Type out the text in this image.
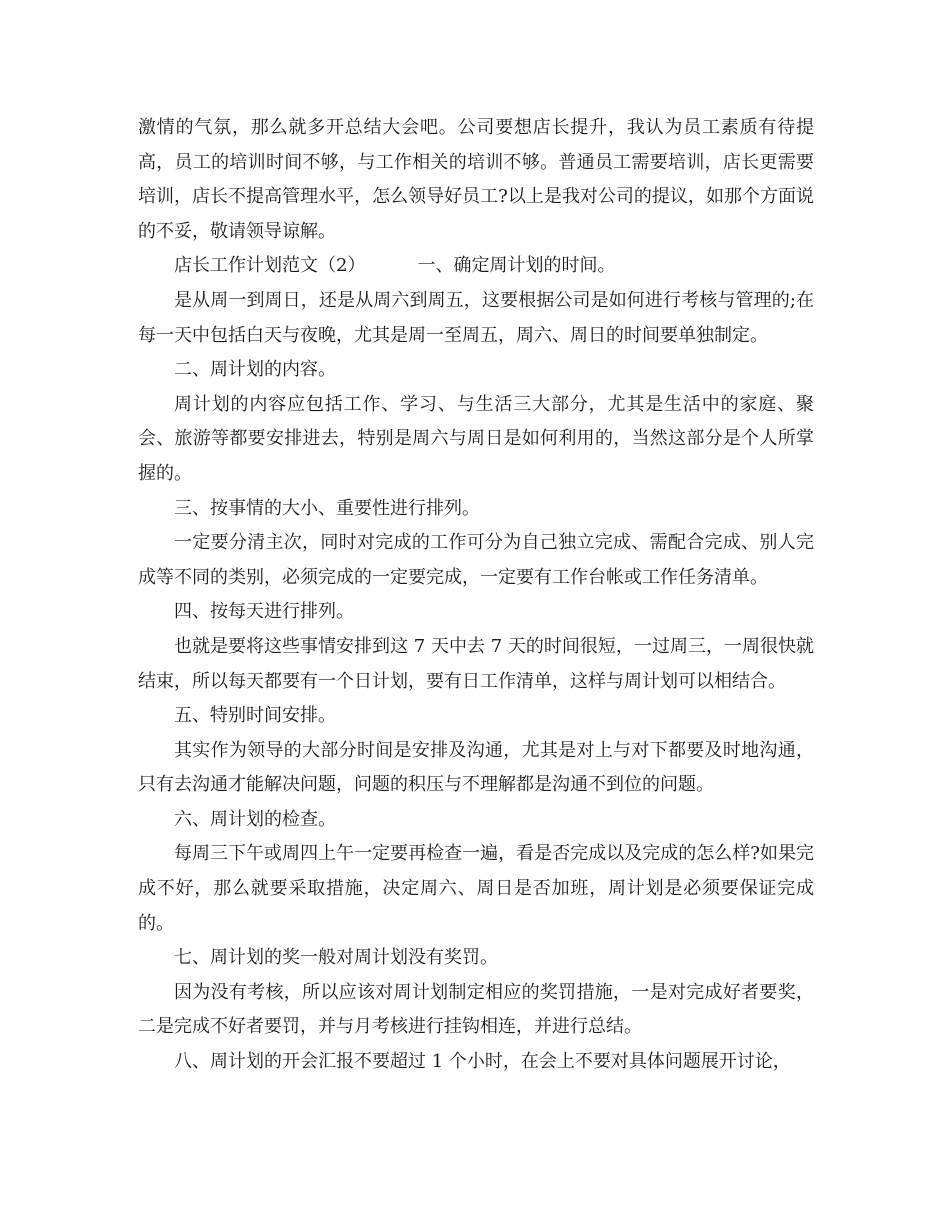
激情的气氛，那么就多开总结大会吧。公司要想店长提升，我认为员工素质有待提高，员工的培训时间不够，与工作相关的培训不够。普通员工需要培训，店长更需要培训，店长不提高管理水平，怎么领导好员工?以上是我对公司的提议，如那个方面说的不妥，敬请领导谅解。

店长工作计划范文（2）	一、确定周计划的时间。

是从周一到周日，还是从周六到周五，这要根据公司是如何进行考核与管理的;在每一天中包括白天与夜晚，尤其是周一至周五，周六、周日的时间要单独制定。

二、周计划的内容。

周计划的内容应包括工作、学习、与生活三大部分，尤其是生活中的家庭、聚会、旅游等都要安排进去，特别是周六与周日是如何利用的，当然这部分是个人所掌握的。

三、按事情的大小、重要性进行排列。

一定要分清主次，同时对完成的工作可分为自己独立完成、需配合完成、别人完成等不同的类别，必须完成的一定要完成，一定要有工作台帐或工作任务清单。

四、按每天进行排列。

也就是要将这些事情安排到这 7 天中去 7 天的时间很短，一过周三，一周很快就结束，所以每天都要有一个日计划，要有日工作清单，这样与周计划可以相结合。

五、特别时间安排。

其实作为领导的大部分时间是安排及沟通，尤其是对上与对下都要及时地沟通，只有去沟通才能解决问题，问题的积压与不理解都是沟通不到位的问题。

六、周计划的检查。

每周三下午或周四上午一定要再检查一遍，看是否完成以及完成的怎么样?如果完成不好，那么就要采取措施，决定周六、周日是否加班，周计划是必须要保证完成的。

七、周计划的奖一般对周计划没有奖罚。

因为没有考核，所以应该对周计划制定相应的奖罚措施，一是对完成好者要奖，二是完成不好者要罚，并与月考核进行挂钩相连，并进行总结。

八、周计划的开会汇报不要超过 1 个小时，在会上不要对具体问题展开讨论，
